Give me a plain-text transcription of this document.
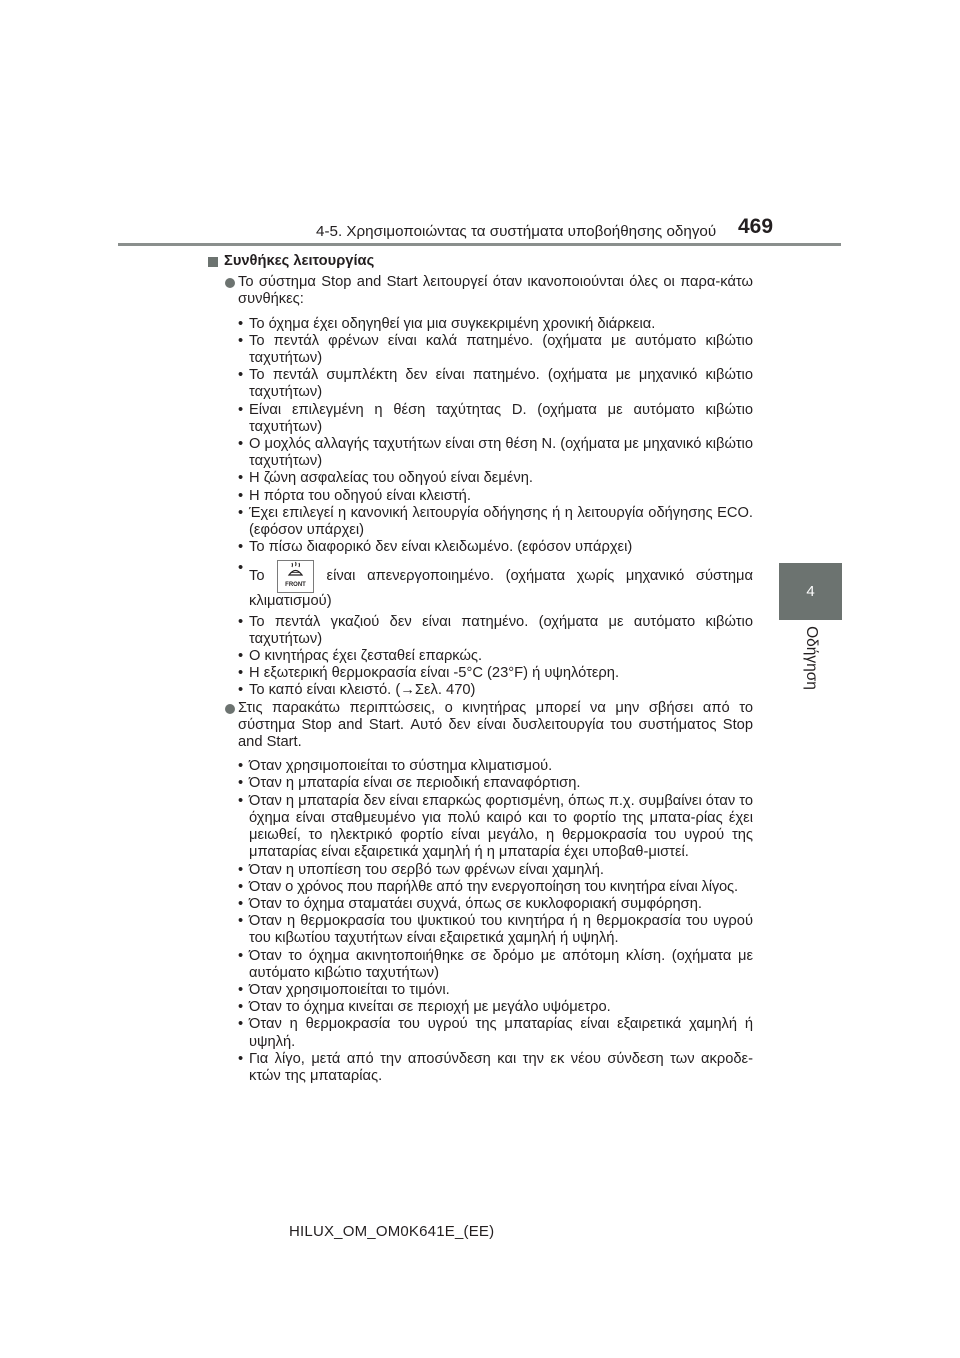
4-5. Χρησιμοποιώντας τα συστήματα υποβοήθησης οδηγού 469
4
Οδήγηση
Συνθήκες λειτουργίας
Το σύστημα Stop and Start λειτουργεί όταν ικανοποιούνται όλες οι παρα-κάτω συνθήκες:
• Το όχημα έχει οδηγηθεί για μια συγκεκριμένη χρονική διάρκεια.
• Το πεντάλ φρένων είναι καλά πατημένο. (οχήματα με αυτόματο κιβώτιο ταχυτήτων)
• Το πεντάλ συμπλέκτη δεν είναι πατημένο. (οχήματα με μηχανικό κιβώτιο ταχυτήτων)
• Είναι επιλεγμένη η θέση ταχύτητας D. (οχήματα με αυτόματο κιβώτιο ταχυτήτων)
• Ο μοχλός αλλαγής ταχυτήτων είναι στη θέση N. (οχήματα με μηχανικό κιβώτιο ταχυτήτων)
• Η ζώνη ασφαλείας του οδηγού είναι δεμένη.
• Η πόρτα του οδηγού είναι κλειστή.
• Έχει επιλεγεί η κανονική λειτουργία οδήγησης ή η λειτουργία οδήγησης ECO. (εφόσον υπάρχει)
• Το πίσω διαφορικό δεν είναι κλειδωμένο. (εφόσον υπάρχει)
• Το
FRONT
είναι απενεργοποιημένο. (οχήματα χωρίς μηχανικό σύστημα
κλιματισμού)
• Το πεντάλ γκαζιού δεν είναι πατημένο. (οχήματα με αυτόματο κιβώτιο ταχυτήτων)
• Ο κινητήρας έχει ζεσταθεί επαρκώς.
• Η εξωτερική θερμοκρασία είναι -5°C (23°F) ή υψηλότερη.
• Το καπό είναι κλειστό. (→Σελ. 470)
Στις παρακάτω περιπτώσεις, ο κινητήρας μπορεί να μην σβήσει από το σύστημα Stop and Start. Αυτό δεν είναι δυσλειτουργία του συστήματος Stop and Start.
• Όταν χρησιμοποιείται το σύστημα κλιματισμού.
• Όταν η μπαταρία είναι σε περιοδική επαναφόρτιση.
• Όταν η μπαταρία δεν είναι επαρκώς φορτισμένη, όπως π.χ. συμβαίνει όταν το όχημα είναι σταθμευμένο για πολύ καιρό και το φορτίο της μπατα-ρίας έχει μειωθεί, το ηλεκτρικό φορτίο είναι μεγάλο, η θερμοκρασία του υγρού της μπαταρίας είναι εξαιρετικά χαμηλή ή η μπαταρία έχει υποβαθ-μιστεί.
• Όταν η υποπίεση του σερβό των φρένων είναι χαμηλή.
• Όταν ο χρόνος που παρήλθε από την ενεργοποίηση του κινητήρα είναι λίγος.
• Όταν το όχημα σταματάει συχνά, όπως σε κυκλοφοριακή συμφόρηση.
• Όταν η θερμοκρασία του ψυκτικού του κινητήρα ή η θερμοκρασία του υγρού του κιβωτίου ταχυτήτων είναι εξαιρετικά χαμηλή ή υψηλή.
• Όταν το όχημα ακινητοποιήθηκε σε δρόμο με απότομη κλίση. (οχήματα με αυτόματο κιβώτιο ταχυτήτων)
• Όταν χρησιμοποιείται το τιμόνι.
• Όταν το όχημα κινείται σε περιοχή με μεγάλο υψόμετρο.
• Όταν η θερμοκρασία του υγρού της μπαταρίας είναι εξαιρετικά χαμηλή ή υψηλή.
• Για λίγο, μετά από την αποσύνδεση και την εκ νέου σύνδεση των ακροδε-κτών της μπαταρίας.
HILUX_OM_OM0K641E_(EE)
